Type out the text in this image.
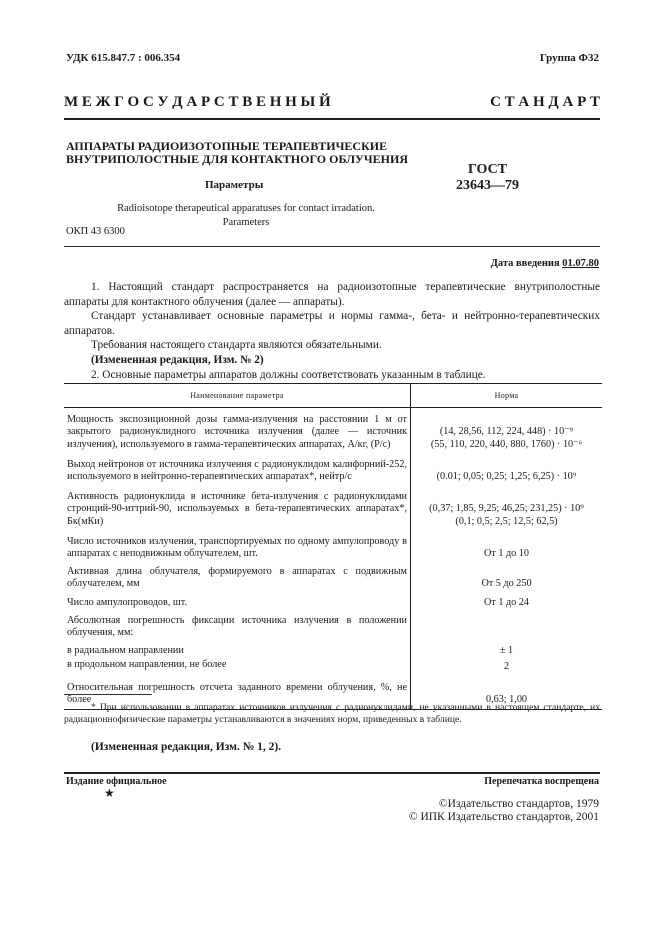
УДК 615.847.7 : 006.354	Группа Ф32
М Е Ж Г О С У Д А Р С Т В Е Н Н Ы Й	С Т А Н Д А Р Т
АППАРАТЫ РАДИОИЗОТОПНЫЕ ТЕРАПЕВТИЧЕСКИЕ
ВНУТРИПОЛОСТНЫЕ ДЛЯ КОНТАКТНОГО ОБЛУЧЕНИЯ
ГОСТ
23643—79
Параметры
Radioisotope therapeutical apparatuses for contact irradation.
Parameters
ОКП 43 6300
Дата введения 01.07.80

1. Настоящий стандарт распространяется на радиоизотопные терапевтические внутриполостные аппараты для контактного облучения (далее — аппараты).

Стандарт устанавливает основные параметры и нормы гамма-, бета- и нейтронно-терапевтических аппаратов.

Требования настоящего стандарта являются обязательными.

(Измененная редакция, Изм. № 2)

2. Основные параметры аппаратов должны соответствовать указанным в таблице.

Наименование параметра	Норма
Мощность экспозиционной дозы гамма-излучения на расстоянии 1 м от закрытого радионуклидного источника излучения (далее — источник излучения), используемого в гамма-терапевтических аппаратах, А/кг, (Р/с)	(14, 28,56, 112, 224, 448) · 10⁻⁹
(55, 110, 220, 440, 880, 1760) · 10⁻⁶

Выход нейтронов от источника излучения с радионуклидом калифорний-252, используемого в нейтронно-терапевтических аппаратах*, нейтр/с	(0.01; 0,05; 0,25; 1,25; 6,25) · 10⁹

Активность радионуклида в источнике бета-излучения с радионуклидами стронций-90-иттрий-90, используемых в бета-терапевтических аппаратах*, Бк(мКи)	(0,37; 1,85, 9,25; 46,25; 231,25) · 10⁹
(0,1; 0,5; 2,5; 12,5; 62,5)

Число источников излучения, транспортируемых по одному ампулопроводу в аппаратах с неподвижным облучателем, шт.	От 1 до 10

Активная длина облучателя, формируемого в аппаратах с подвижным облучателем, мм	От 5 до 250

Число ампулопроводов, шт.	От 1 до 24

Абсолютная погрешность фиксации источника излучения в положении облучения, мм:	
в радиальном направлении	± 1

в продольном направлении, не более	2

Относительная погрешность отсчета заданного времени облучения, %, не более	0,63; 1,00
* При использовании в аппаратах источников излучения с радионуклидами, не указанными в настоящем стандарте, их радиационнофизические параметры устанавливаются в значениях норм, приведенных в таблице.
(Измененная редакция, Изм. № 1, 2).
Издание официальное
★
Перепечатка воспрещена
©Издательство стандартов, 1979
© ИПК Издательство стандартов, 2001
